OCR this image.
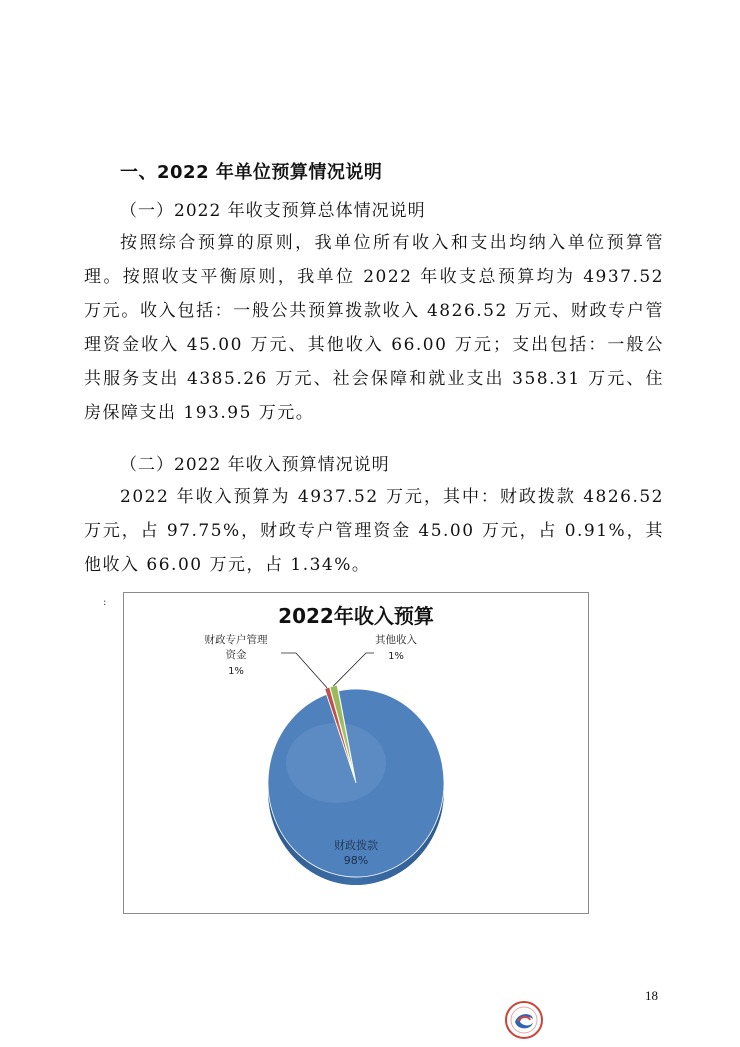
一、2022 年单位预算情况说明
（一）2022 年收支预算总体情况说明
按照综合预算的原则，我单位所有收入和支出均纳入单位预算管理。按照收支平衡原则，我单位 2022 年收支总预算均为 4937.52 万元。收入包括：一般公共预算拨款收入 4826.52 万元、财政专户管理资金收入 45.00 万元、其他收入 66.00 万元；支出包括：一般公共服务支出 4385.26 万元、社会保障和就业支出 358.31 万元、住房保障支出 193.95 万元。
（二）2022 年收入预算情况说明
2022 年收入预算为 4937.52 万元，其中：财政拨款 4826.52 万元，占 97.75%，财政专户管理资金 45.00 万元，占 0.91%，其他收入 66.00 万元，占 1.34%。
:
2022年收入预算
财政拨款
98%
财政专户管理
资金
1%
其他收入
1%
18
